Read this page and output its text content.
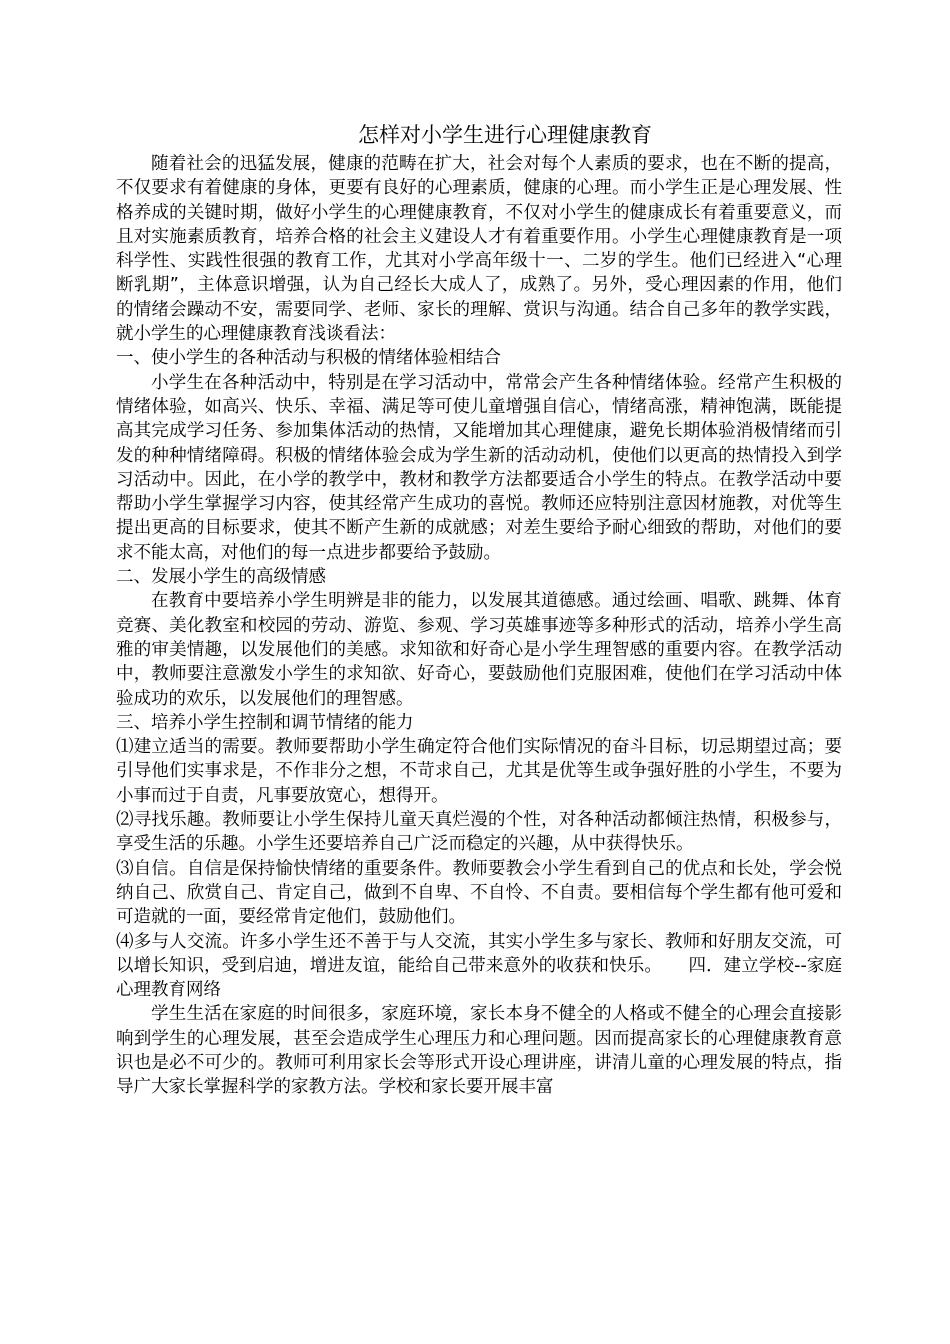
怎样对小学生进行心理健康教育

随着社会的迅猛发展，健康的范畴在扩大，社会对每个人素质的要求，也在不断的提高，不仅要求有着健康的身体，更要有良好的心理素质，健康的心理。而小学生正是心理发展、性格养成的关键时期，做好小学生的心理健康教育，不仅对小学生的健康成长有着重要意义，而且对实施素质教育，培养合格的社会主义建设人才有着重要作用。小学生心理健康教育是一项科学性、实践性很强的教育工作，尤其对小学高年级十一、二岁的学生。他们已经进入“心理断乳期”，主体意识增强，认为自己经长大成人了，成熟了。另外，受心理因素的作用，他们的情绪会躁动不安，需要同学、老师、家长的理解、赏识与沟通。结合自己多年的教学实践，就小学生的心理健康教育浅谈看法：

一、使小学生的各种活动与积极的情绪体验相结合

小学生在各种活动中，特别是在学习活动中，常常会产生各种情绪体验。经常产生积极的情绪体验，如高兴、快乐、幸福、满足等可使儿童增强自信心，情绪高涨，精神饱满，既能提高其完成学习任务、参加集体活动的热情，又能增加其心理健康，避免长期体验消极情绪而引发的种种情绪障碍。积极的情绪体验会成为学生新的活动动机，使他们以更高的热情投入到学习活动中。因此，在小学的教学中，教材和教学方法都要适合小学生的特点。在教学活动中要帮助小学生掌握学习内容，使其经常产生成功的喜悦。教师还应特别注意因材施教，对优等生提出更高的目标要求，使其不断产生新的成就感；对差生要给予耐心细致的帮助，对他们的要求不能太高，对他们的每一点进步都要给予鼓励。

二、发展小学生的高级情感

在教育中要培养小学生明辨是非的能力，以发展其道德感。通过绘画、唱歌、跳舞、体育竞赛、美化教室和校园的劳动、游览、参观、学习英雄事迹等多种形式的活动，培养小学生高雅的审美情趣，以发展他们的美感。求知欲和好奇心是小学生理智感的重要内容。在教学活动中，教师要注意激发小学生的求知欲、好奇心，要鼓励他们克服困难，使他们在学习活动中体验成功的欢乐，以发展他们的理智感。

三、培养小学生控制和调节情绪的能力

⑴建立适当的需要。教师要帮助小学生确定符合他们实际情况的奋斗目标，切忌期望过高；要引导他们实事求是，不作非分之想，不苛求自己，尤其是优等生或争强好胜的小学生，不要为小事而过于自责，凡事要放宽心，想得开。

⑵寻找乐趣。教师要让小学生保持儿童天真烂漫的个性，对各种活动都倾注热情，积极参与，享受生活的乐趣。小学生还要培养自己广泛而稳定的兴趣，从中获得快乐。

⑶自信。自信是保持愉快情绪的重要条件。教师要教会小学生看到自己的优点和长处，学会悦纳自己、欣赏自己、肯定自己，做到不自卑、不自怜、不自责。要相信每个学生都有他可爱和可造就的一面，要经常肯定他们，鼓励他们。

⑷多与人交流。许多小学生还不善于与人交流，其实小学生多与家长、教师和好朋友交流，可以增长知识，受到启迪，增进友谊，能给自己带来意外的收获和快乐。　　四．建立学校--家庭心理教育网络

学生生活在家庭的时间很多，家庭环境，家长本身不健全的人格或不健全的心理会直接影响到学生的心理发展，甚至会造成学生心理压力和心理问题。因而提高家长的心理健康教育意识也是必不可少的。教师可利用家长会等形式开设心理讲座，讲清儿童的心理发展的特点，指导广大家长掌握科学的家教方法。学校和家长要开展丰富
